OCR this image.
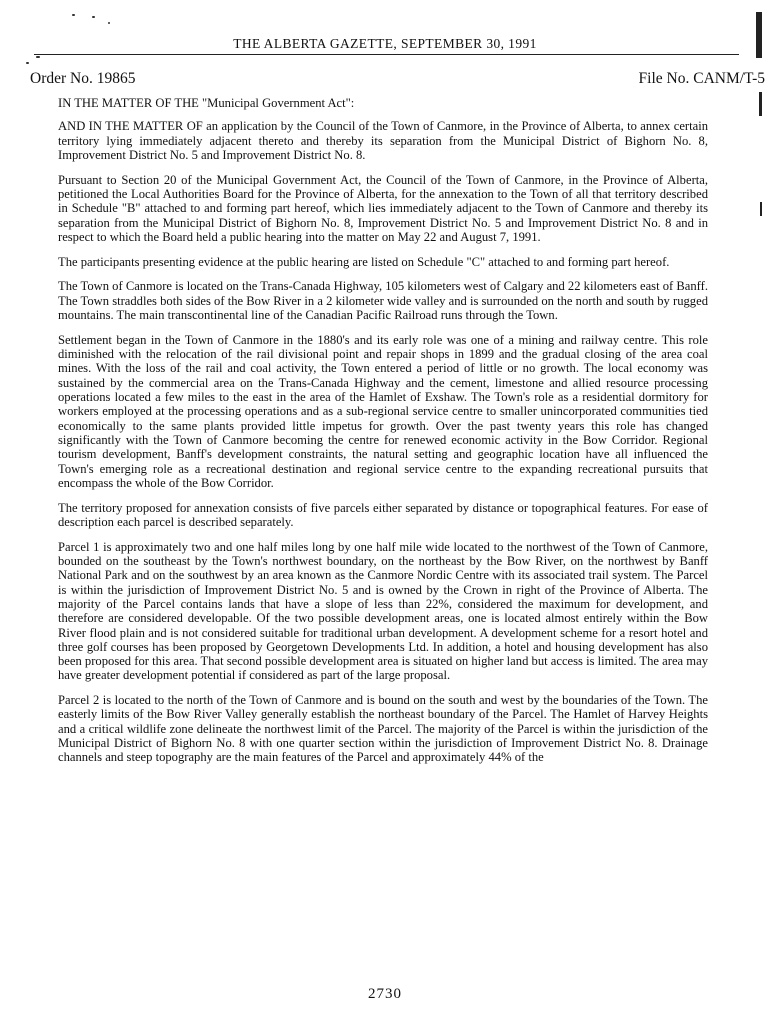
THE ALBERTA GAZETTE, SEPTEMBER 30, 1991
Order No. 19865	File No. CANM/T-5

IN THE MATTER OF THE "Municipal Government Act":

AND IN THE MATTER OF an application by the Council of the Town of Canmore, in the Province of Alberta, to annex certain territory lying immediately adjacent thereto and thereby its separation from the Municipal District of Bighorn No. 8, Improvement District No. 5 and Improvement District No. 8.

Pursuant to Section 20 of the Municipal Government Act, the Council of the Town of Canmore, in the Province of Alberta, petitioned the Local Authorities Board for the Province of Alberta, for the annexation to the Town of all that territory described in Schedule "B" attached to and forming part hereof, which lies immediately adjacent to the Town of Canmore and thereby its separation from the Municipal District of Bighorn No. 8, Improvement District No. 5 and Improvement District No. 8 and in respect to which the Board held a public hearing into the matter on May 22 and August 7, 1991.

The participants presenting evidence at the public hearing are listed on Schedule "C" attached to and forming part hereof.

The Town of Canmore is located on the Trans-Canada Highway, 105 kilometers west of Calgary and 22 kilometers east of Banff. The Town straddles both sides of the Bow River in a 2 kilometer wide valley and is surrounded on the north and south by rugged mountains. The main transcontinental line of the Canadian Pacific Railroad runs through the Town.

Settlement began in the Town of Canmore in the 1880's and its early role was one of a mining and railway centre. This role diminished with the relocation of the rail divisional point and repair shops in 1899 and the gradual closing of the area coal mines. With the loss of the rail and coal activity, the Town entered a period of little or no growth. The local economy was sustained by the commercial area on the Trans-Canada Highway and the cement, limestone and allied resource processing operations located a few miles to the east in the area of the Hamlet of Exshaw. The Town's role as a residential dormitory for workers employed at the processing operations and as a sub-regional service centre to smaller unincorporated communities tied economically to the same plants provided little impetus for growth. Over the past twenty years this role has changed significantly with the Town of Canmore becoming the centre for renewed economic activity in the Bow Corridor. Regional tourism development, Banff's development constraints, the natural setting and geographic location have all influenced the Town's emerging role as a recreational destination and regional service centre to the expanding recreational pursuits that encompass the whole of the Bow Corridor.

The territory proposed for annexation consists of five parcels either separated by distance or topographical features. For ease of description each parcel is described separately.

Parcel 1 is approximately two and one half miles long by one half mile wide located to the northwest of the Town of Canmore, bounded on the southeast by the Town's northwest boundary, on the northeast by the Bow River, on the northwest by Banff National Park and on the southwest by an area known as the Canmore Nordic Centre with its associated trail system. The Parcel is within the jurisdiction of Improvement District No. 5 and is owned by the Crown in right of the Province of Alberta. The majority of the Parcel contains lands that have a slope of less than 22%, considered the maximum for development, and therefore are considered developable. Of the two possible development areas, one is located almost entirely within the Bow River flood plain and is not considered suitable for traditional urban development. A development scheme for a resort hotel and three golf courses has been proposed by Georgetown Developments Ltd. In addition, a hotel and housing development has also been proposed for this area. That second possible development area is situated on higher land but access is limited. The area may have greater development potential if considered as part of the large proposal.

Parcel 2 is located to the north of the Town of Canmore and is bound on the south and west by the boundaries of the Town. The easterly limits of the Bow River Valley generally establish the northeast boundary of the Parcel. The Hamlet of Harvey Heights and a critical wildlife zone delineate the northwest limit of the Parcel. The majority of the Parcel is within the jurisdiction of the Municipal District of Bighorn No. 8 with one quarter section within the jurisdiction of Improvement District No. 8. Drainage channels and steep topography are the main features of the Parcel and approximately 44% of the

2730
